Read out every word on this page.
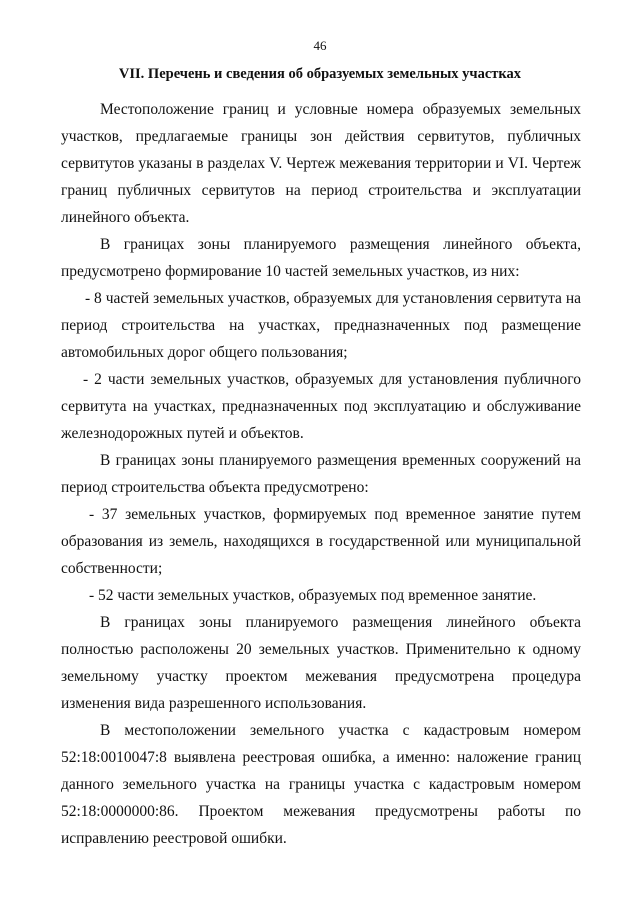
46
VII. Перечень и сведения об образуемых земельных участках

Местоположение границ и условные номера образуемых земельных участков, предлагаемые границы зон действия сервитутов, публичных сервитутов указаны в разделах V. Чертеж межевания территории и VI. Чертеж границ публичных сервитутов на период строительства и эксплуатации линейного объекта.

В границах зоны планируемого размещения линейного объекта, предусмотрено формирование 10 частей земельных участков, из них:

- 8 частей земельных участков, образуемых для установления сервитута на период строительства на участках, предназначенных под размещение автомобильных дорог общего пользования;

- 2 части земельных участков, образуемых для установления публичного сервитута на участках, предназначенных под эксплуатацию и обслуживание железнодорожных путей и объектов.

В границах зоны планируемого размещения временных сооружений на период строительства объекта предусмотрено:

- 37 земельных участков, формируемых под временное занятие путем образования из земель, находящихся в государственной или муниципальной собственности;

- 52 части земельных участков, образуемых под временное занятие.

В границах зоны планируемого размещения линейного объекта полностью расположены 20 земельных участков. Применительно к одному земельному участку проектом межевания предусмотрена процедура изменения вида разрешенного использования.

В местоположении земельного участка с кадастровым номером 52:18:0010047:8 выявлена реестровая ошибка, а именно: наложение границ данного земельного участка на границы участка с кадастровым номером 52:18:0000000:86. Проектом межевания предусмотрены работы по исправлению реестровой ошибки.
